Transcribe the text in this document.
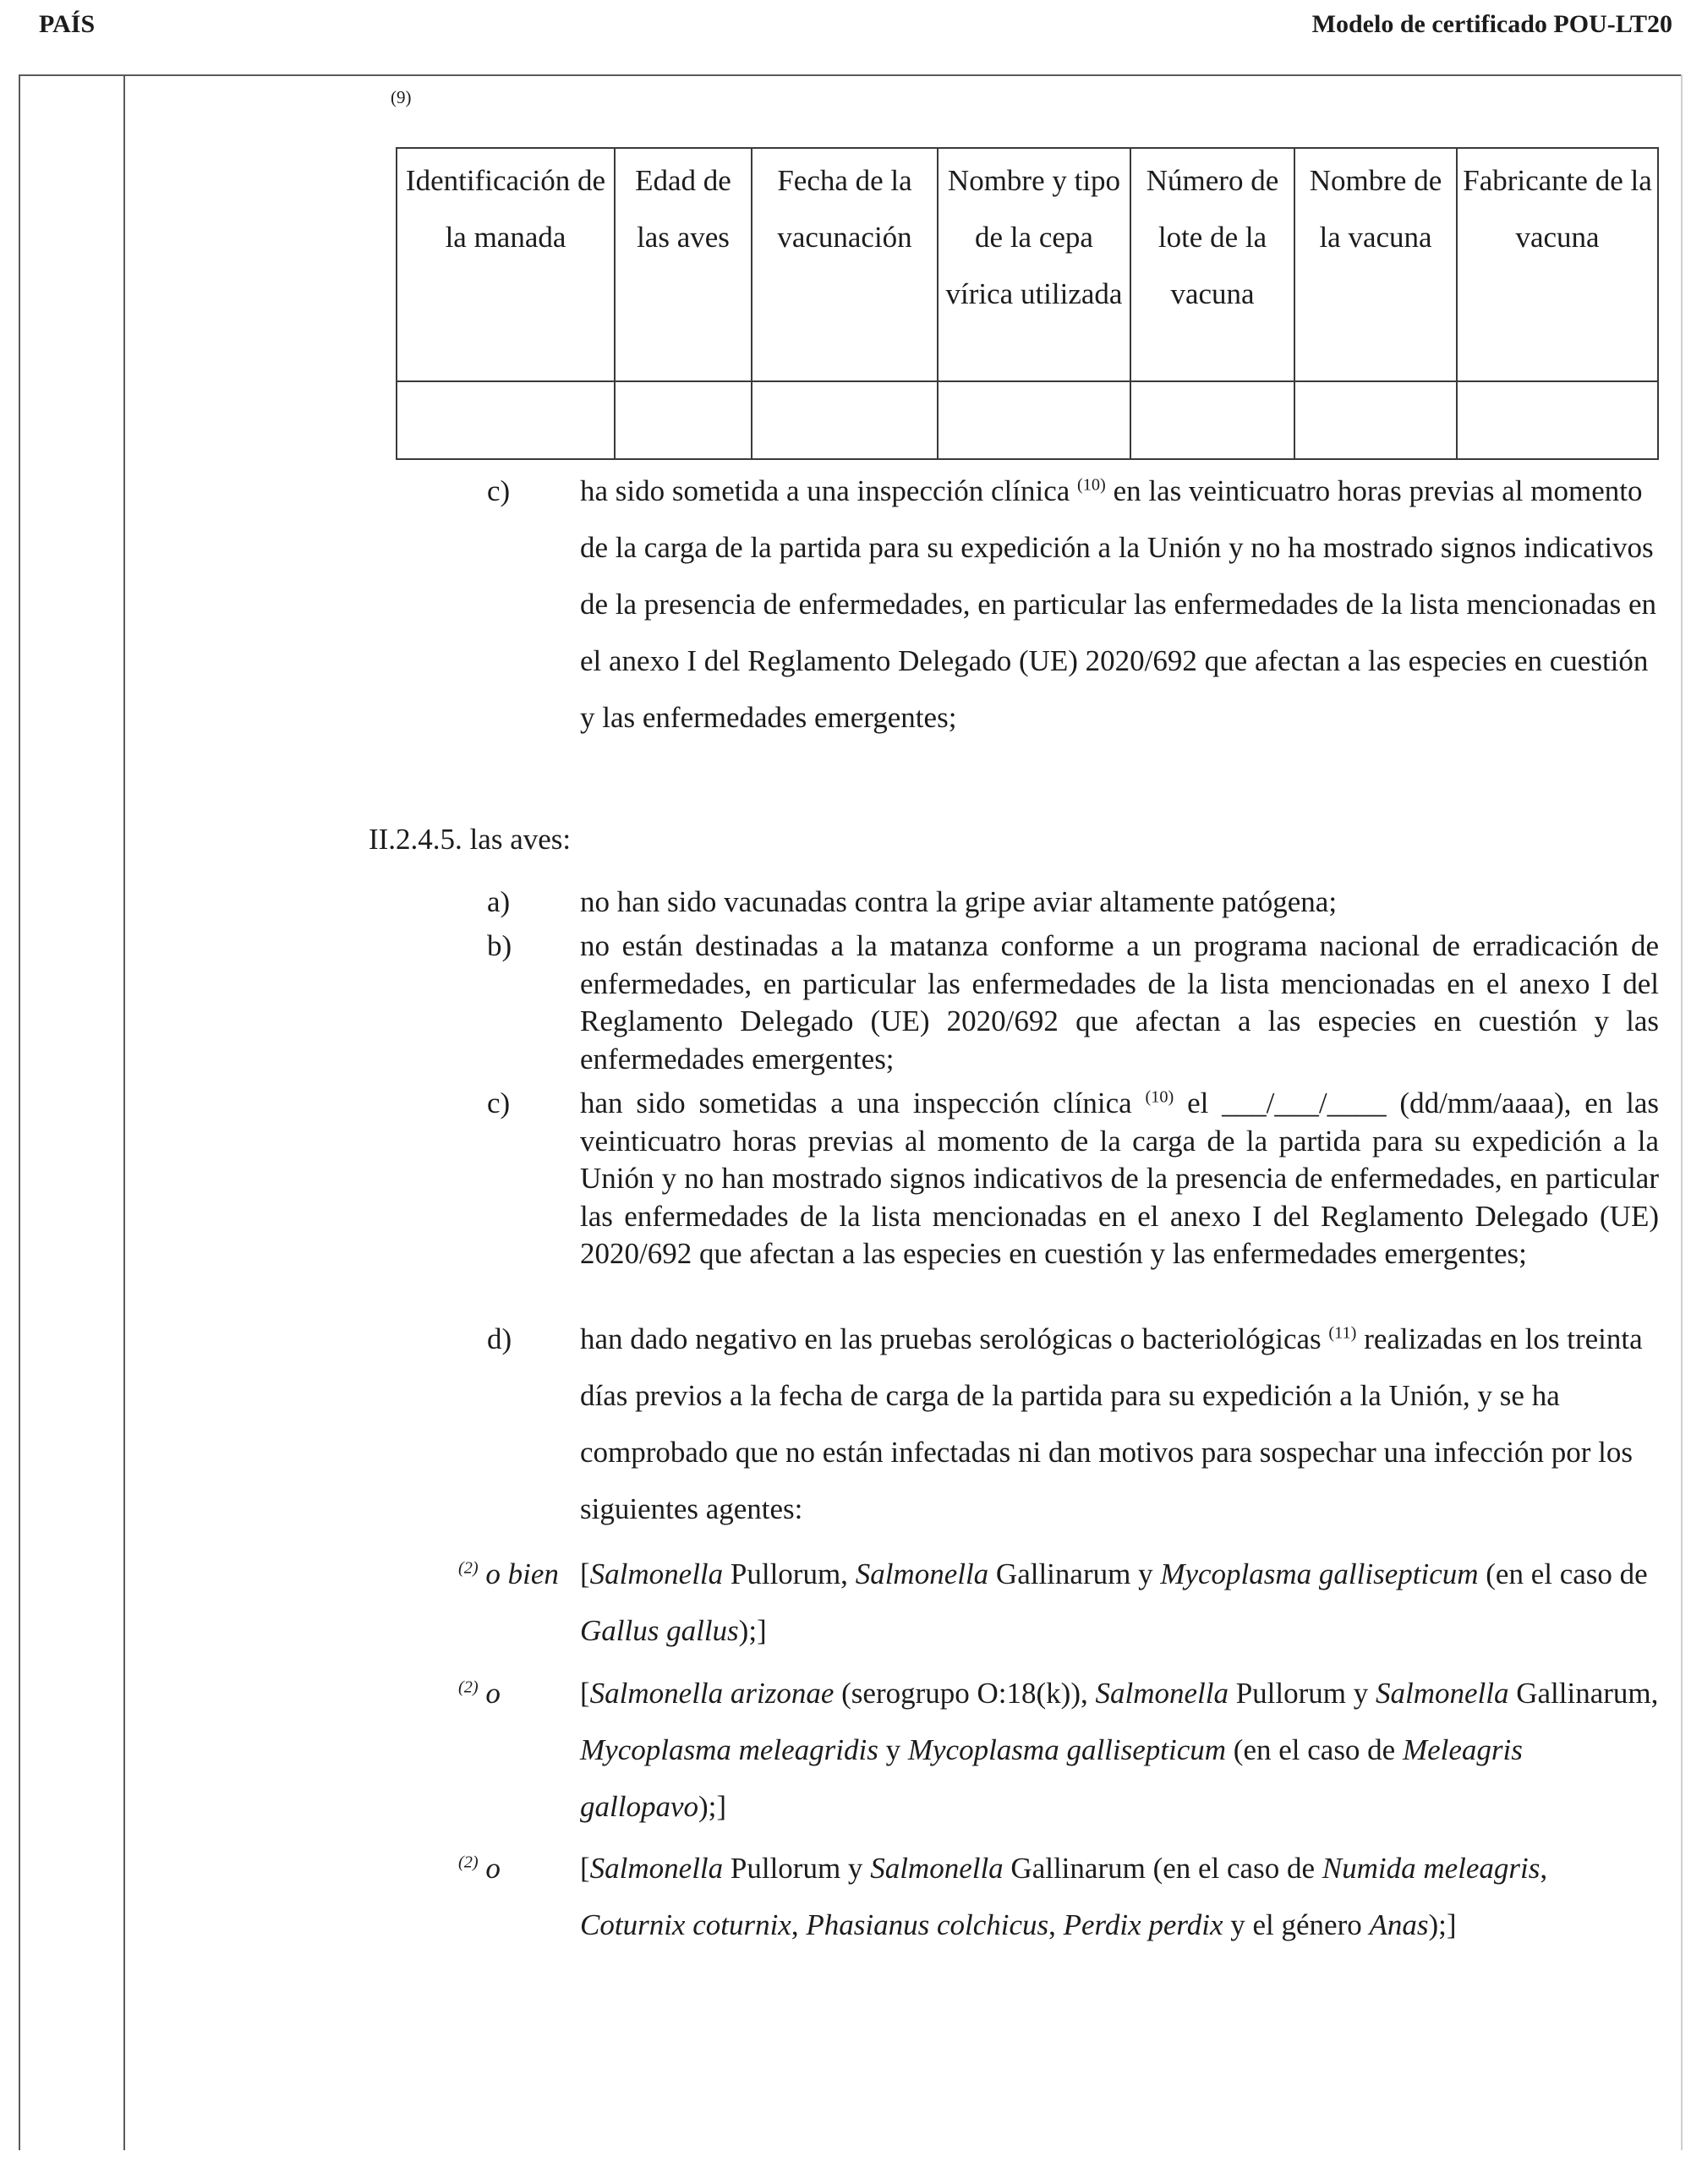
PAÍS	Modelo de certificado POU-LT20
(9)
Identificación de la manada	Edad de las aves	Fecha de la vacunación	Nombre y tipo de la cepa vírica utilizada	Número de lote de la vacuna	Nombre de la vacuna	Fabricante de la vacuna

c) ha sido sometida a una inspección clínica $^{(10)}$ en las veinticuatro horas previas al momento de la carga de la partida para su expedición a la Unión y no ha mostrado signos indicativos de la presencia de enfermedades, en particular las enfermedades de la lista mencionadas en el anexo I del Reglamento Delegado (UE) 2020/692 que afectan a las especies en cuestión y las enfermedades emergentes;
II.2.4.5. las aves:
a) no han sido vacunadas contra la gripe aviar altamente patógena;
b) no están destinadas a la matanza conforme a un programa nacional de erradicación de enfermedades, en particular las enfermedades de la lista mencionadas en el anexo I del Reglamento Delegado (UE) 2020/692 que afectan a las especies en cuestión y las enfermedades emergentes;
c) han sido sometidas a una inspección clínica $^{(10)}$ el ___/___/____ (dd/mm/aaaa), en las veinticuatro horas previas al momento de la carga de la partida para su expedición a la Unión y no han mostrado signos indicativos de la presencia de enfermedades, en particular las enfermedades de la lista mencionadas en el anexo I del Reglamento Delegado (UE) 2020/692 que afectan a las especies en cuestión y las enfermedades emergentes;
d) han dado negativo en las pruebas serológicas o bacteriológicas $^{(11)}$ realizadas en los treinta días previos a la fecha de carga de la partida para su expedición a la Unión, y se ha comprobado que no están infectadas ni dan motivos para sospechar una infección por los siguientes agentes:
$^{(2)}$ o bien [Salmonella Pullorum, Salmonella Gallinarum y Mycoplasma gallisepticum (en el caso de Gallus gallus);]
$^{(2)}$ o	[Salmonella arizonae (serogrupo O:18(k)), Salmonella Pullorum y Salmonella Gallinarum, Mycoplasma meleagridis y Mycoplasma gallisepticum (en el caso de Meleagris gallopavo);]
$^{(2)}$ o	[Salmonella Pullorum y Salmonella Gallinarum (en el caso de Numida meleagris, Coturnix coturnix, Phasianus colchicus, Perdix perdix y el género Anas);]
